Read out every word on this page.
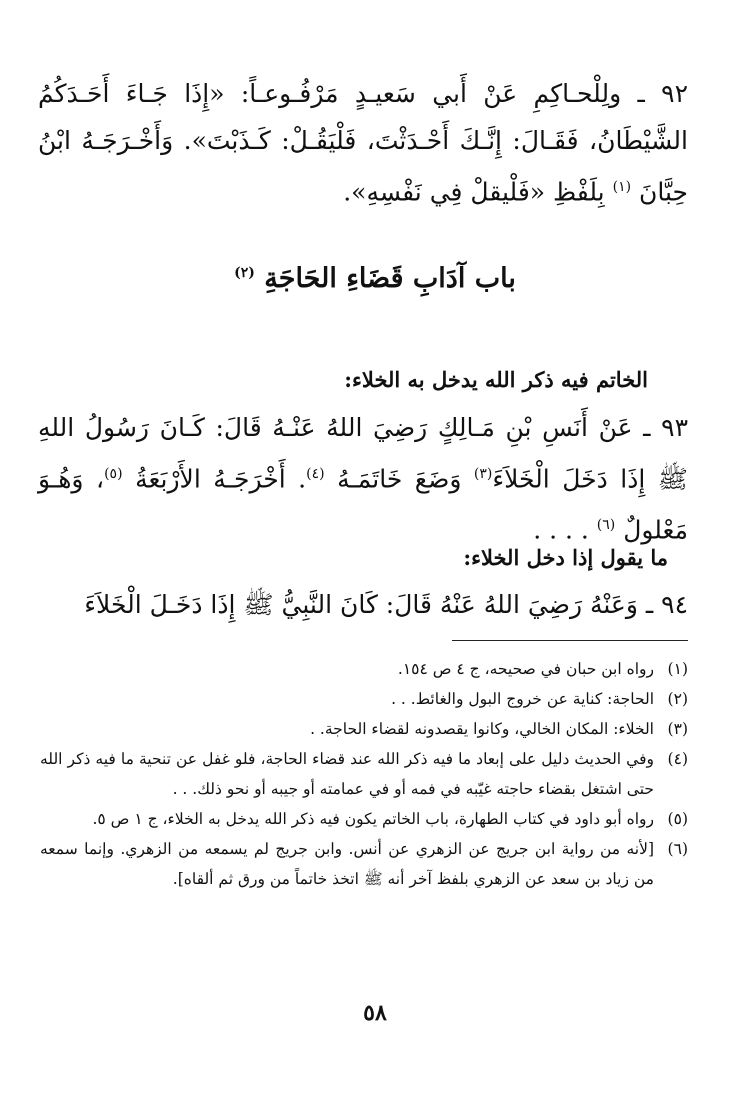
٩٢ ـ ولِلْحـاكِمِ عَنْ أَبي سَعيـدٍ مَرْفُـوعـاً: «إِذَا جَـاءَ أَحَـدَكُمُ الشَّيْطَانُ، فَقَـالَ: إِنَّـكَ أَحْـدَثْتَ، فَلْيَقُـلْ: كَـذَبْتَ». وَأَخْـرَجَـهُ ابْنُ حِبَّانَ $^{(١)}$ بِلَفْظِ «فَلْيقلْ فِي نَفْسِهِ».

باب آدَابِ قَضَاءِ الحَاجَةِ $^{(٢)}$
الخاتم فيه ذكر الله يدخل به الخلاء:

٩٣ ـ عَنْ أَنَسِ بْنِ مَـالِكٍ رَضِيَ اللهُ عَنْـهُ قَالَ: كَـانَ رَسُولُ اللهِ ﷺ إِذَا دَخَلَ الْخَلاَءَ$^{(٣)}$ وَضَعَ خَاتَمَـهُ $^{(٤)}$. أَخْرَجَـهُ الأَرْبَعَةُ $^{(٥)}$، وَهُـوَ مَعْلولٌ $^{(٦)}$ . . . .

ما يقول إذا دخل الخلاء:

٩٤ ـ وَعَنْهُ رَضِيَ اللهُ عَنْهُ قَالَ: كَانَ النَّبِيُّ ﷺ إِذَا دَخَـلَ الْخَلاَءَ

(١)
رواه ابن حبان في صحيحه، ج ٤ ص ١٥٤.
(٢)
الحاجة: كناية عن خروج البول والغائط. . .
(٣)
الخلاء: المكان الخالي، وكانوا يقصدونه لقضاء الحاجة. .
(٤)
وفي الحديث دليل على إبعاد ما فيه ذكر الله عند قضاء الحاجة، فلو غفل عن تنحية ما فيه ذكر الله حتى اشتغل بقضاء حاجته غيّبه في فمه أو في عمامته أو جيبه أو نحو ذلك. . .
(٥)
رواه أبو داود في كتاب الطهارة، باب الخاتم يكون فيه ذكر الله يدخل به الخلاء، ج ١ ص ٥.
(٦)
[لأنه من رواية ابن جريج عن الزهري عن أنس. وابن جريج لم يسمعه من الزهري. وإنما سمعه من زياد بن سعد عن الزهري بلفظ آخر أنه ﷺ اتخذ خاتماً من ورق ثم ألقاه].
٥٨
